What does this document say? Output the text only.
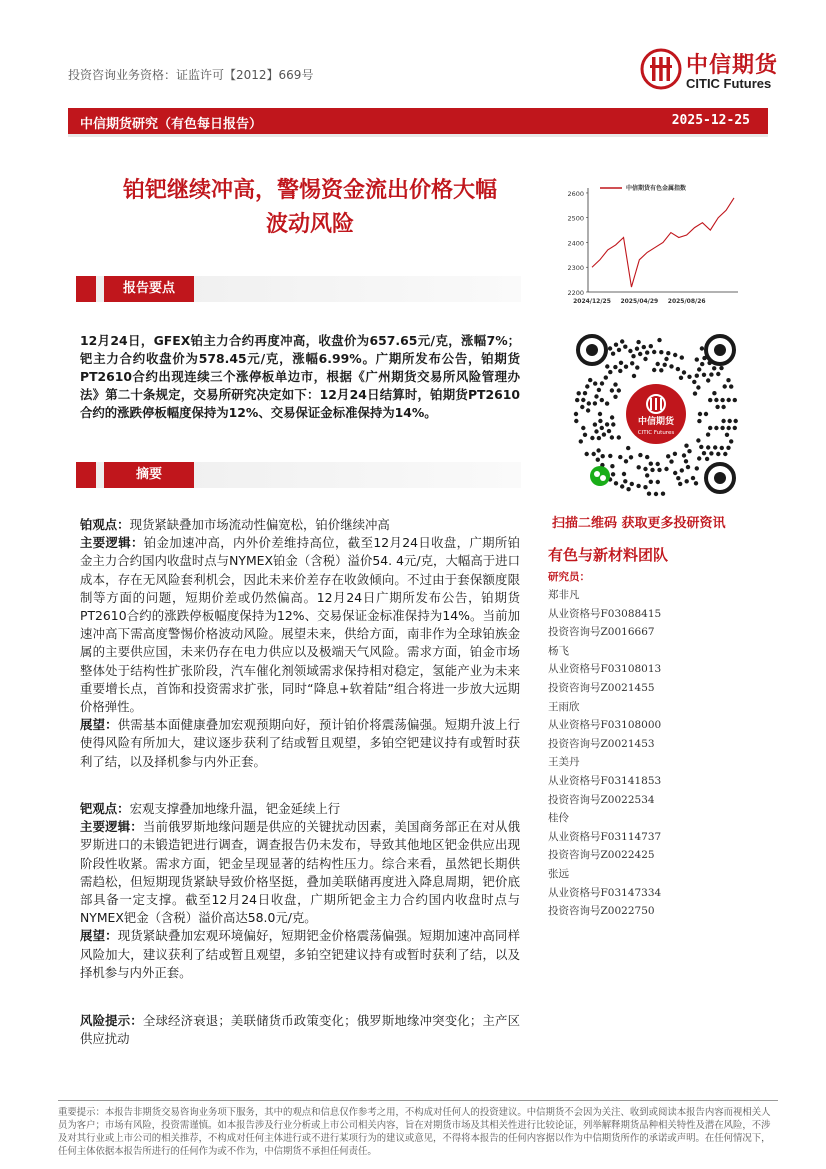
投资咨询业务资格：证监许可【2012】669号	中信期货
CITIC Futures
中信期货研究（有色每日报告）	2025-12-25
铂钯继续冲高，警惕资金流出价格大幅
波动风险
报告要点
12月24日，GFEX铂主力合约再度冲高，收盘价为657.65元/克，涨幅7%；钯主力合约收盘价为578.45元/克，涨幅6.99%。广期所发布公告，铂期货PT2610合约出现连续三个涨停板单边市，根据《广州期货交易所风险管理办法》第二十条规定，交易所研究决定如下：12月24日结算时，铂期货PT2610合约的涨跌停板幅度保持为12%、交易保证金标准保持为14%。
摘要

铂观点：现货紧缺叠加市场流动性偏宽松，铂价继续冲高

主要逻辑：铂金加速冲高，内外价差维持高位，截至12月24日收盘，广期所铂金主力合约国内收盘时点与NYMEX铂金（含税）溢价54. 4元/克，大幅高于进口成本，存在无风险套利机会，因此未来价差存在收敛倾向。不过由于套保额度限制等方面的问题，短期价差或仍然偏高。12月24日广期所发布公告，铂期货PT2610合约的涨跌停板幅度保持为12%、交易保证金标准保持为14%。当前加速冲高下需高度警惕价格波动风险。展望未来，供给方面，南非作为全球铂族金属的主要供应国，未来仍存在电力供应以及极端天气风险。需求方面，铂金市场整体处于结构性扩张阶段，汽车催化剂领域需求保持相对稳定，氢能产业为未来重要增长点，首饰和投资需求扩张，同时“降息+软着陆”组合将进一步放大远期价格弹性。

展望：供需基本面健康叠加宏观预期向好，预计铂价将震荡偏强。短期升波上行使得风险有所加大，建议逐步获利了结或暂且观望，多铂空钯建议持有或暂时获利了结，以及择机参与内外正套。

钯观点：宏观支撑叠加地缘升温，钯金延续上行

主要逻辑：当前俄罗斯地缘问题是供应的关键扰动因素，美国商务部正在对从俄罗斯进口的未锻造钯进行调查，调查报告仍未发布，导致其他地区钯金供应出现阶段性收紧。需求方面，钯金呈现显著的结构性压力。综合来看，虽然钯长期供需趋松，但短期现货紧缺导致价格坚挺，叠加美联储再度进入降息周期，钯价底部具备一定支撑。截至12月24日收盘，广期所钯金主力合约国内收盘时点与NYMEX钯金（含税）溢价高达58.0元/克。

展望：现货紧缺叠加宏观环境偏好，短期钯金价格震荡偏强。短期加速冲高同样风险加大，建议获利了结或暂且观望，多铂空钯建议持有或暂时获利了结，以及择机参与内外正套。

风险提示：全球经济衰退；美联储货币政策变化；俄罗斯地缘冲突变化；主产区供应扰动

2200
2300
2400
2500
2600
2024/12/25 2025/04/29 2025/08/26
中信期货有色金属指数
中信期货
CITIC Futures
扫描二维码 获取更多投研资讯
有色与新材料团队
研究员：
郑非凡
从业资格号F03088415
投资咨询号Z0016667
杨飞
从业资格号F03108013
投资咨询号Z0021455
王雨欣
从业资格号F03108000
投资咨询号Z0021453
王美丹
从业资格号F03141853
投资咨询号Z0022534
桂伶
从业资格号F03114737
投资咨询号Z0022425
张远
从业资格号F03147334
投资咨询号Z0022750
重要提示：本报告非期货交易咨询业务项下服务，其中的观点和信息仅作参考之用，不构成对任何人的投资建议。中信期货不会因为关注、收到或阅读本报告内容而视相关人员为客户；市场有风险，投资需谨慎。如本报告涉及行业分析或上市公司相关内容，旨在对期货市场及其相关性进行比较论证，列举解释期货品种相关特性及潜在风险，不涉及对其行业或上市公司的相关推荐，不构成对任何主体进行或不进行某项行为的建议或意见，不得将本报告的任何内容据以作为中信期货所作的承诺或声明。在任何情况下，任何主体依据本报告所进行的任何作为或不作为，中信期货不承担任何责任。
